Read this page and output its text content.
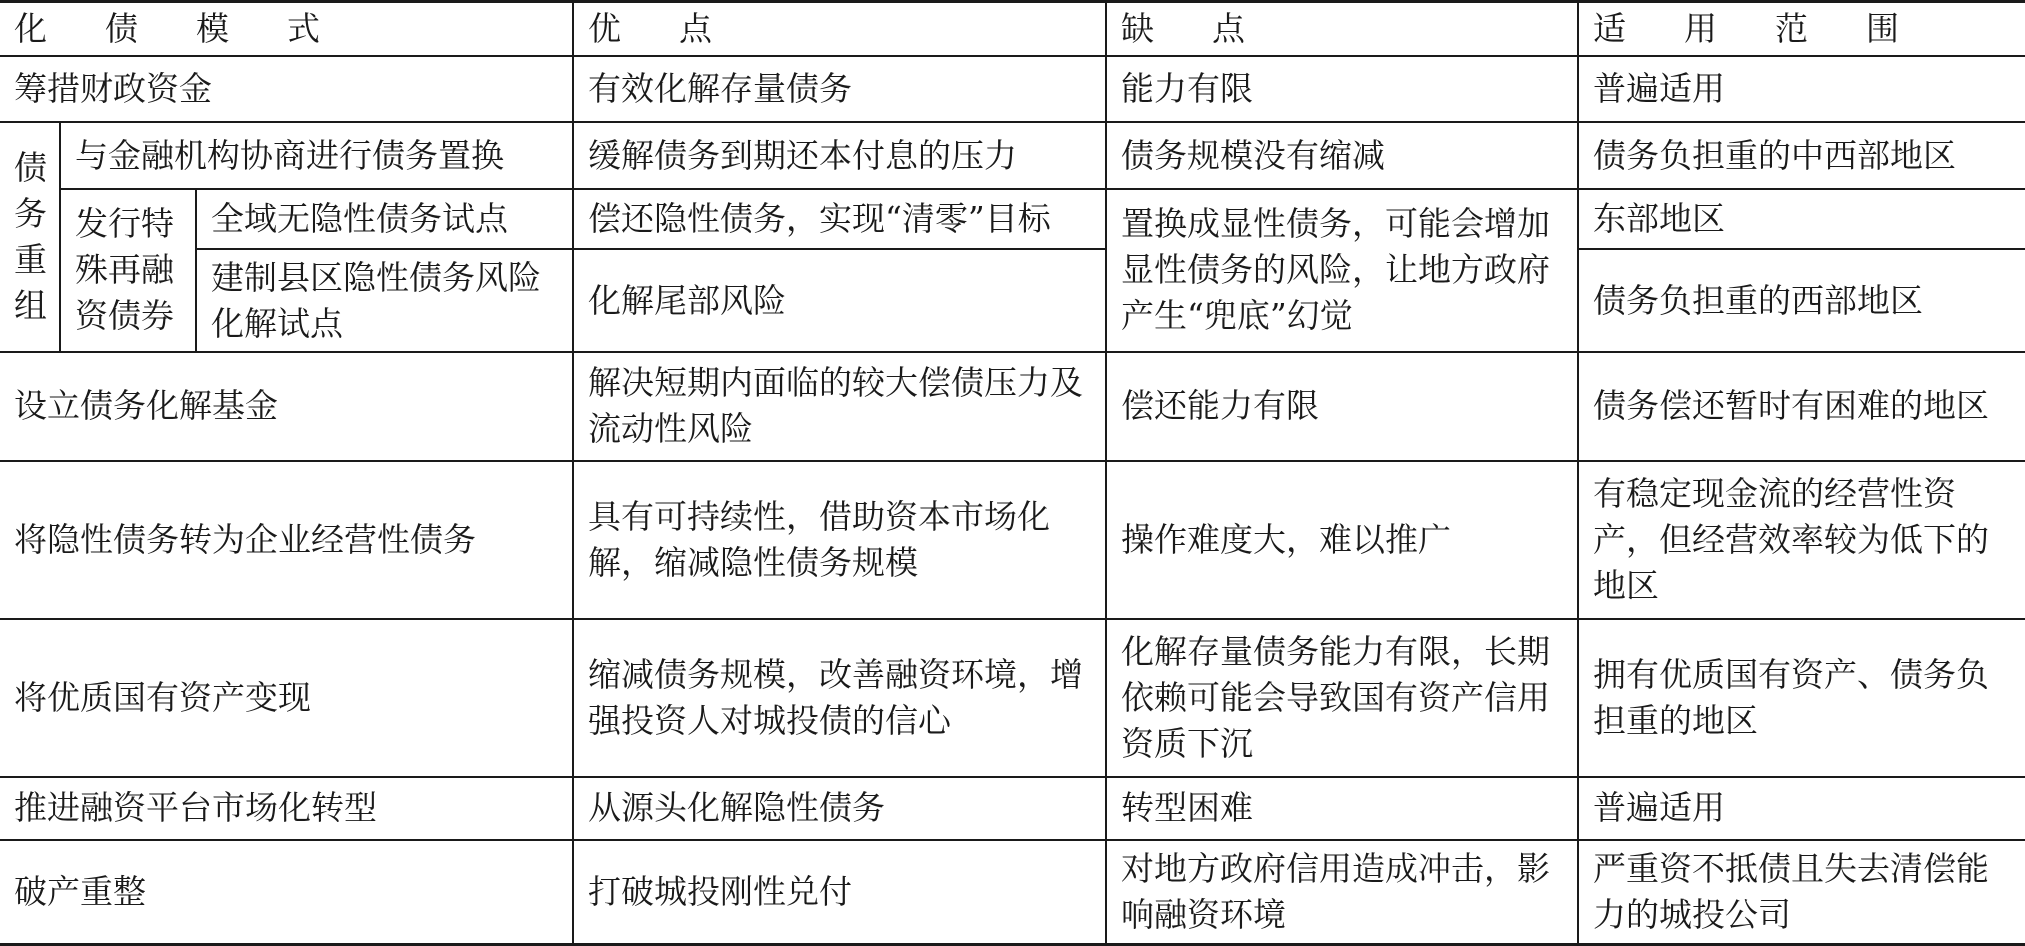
化债模式			优点	缺点	适用范围
筹措财政资金			有效化解存量债务	能力有限	普遍适用
债务重组	与金融机构协商进行债务置换		缓解债务到期还本付息的压力	债务规模没有缩减	债务负担重的中西部地区
	发行特殊再融资债券	全域无隐性债务试点	偿还隐性债务，实现“清零”目标	置换成显性债务，可能会增加显性债务的风险，让地方政府产生“兜底”幻觉	东部地区
		建制县区隐性债务风险化解试点	化解尾部风险		债务负担重的西部地区
设立债务化解基金			解决短期内面临的较大偿债压力及流动性风险	偿还能力有限	债务偿还暂时有困难的地区
将隐性债务转为企业经营性债务			具有可持续性，借助资本市场化解，缩减隐性债务规模	操作难度大，难以推广	有稳定现金流的经营性资产，但经营效率较为低下的地区
将优质国有资产变现			缩减债务规模，改善融资环境，增强投资人对城投债的信心	化解存量债务能力有限，长期依赖可能会导致国有资产信用资质下沉	拥有优质国有资产、债务负担重的地区
推进融资平台市场化转型			从源头化解隐性债务	转型困难	普遍适用
破产重整			打破城投刚性兑付	对地方政府信用造成冲击，影响融资环境	严重资不抵债且失去清偿能力的城投公司
